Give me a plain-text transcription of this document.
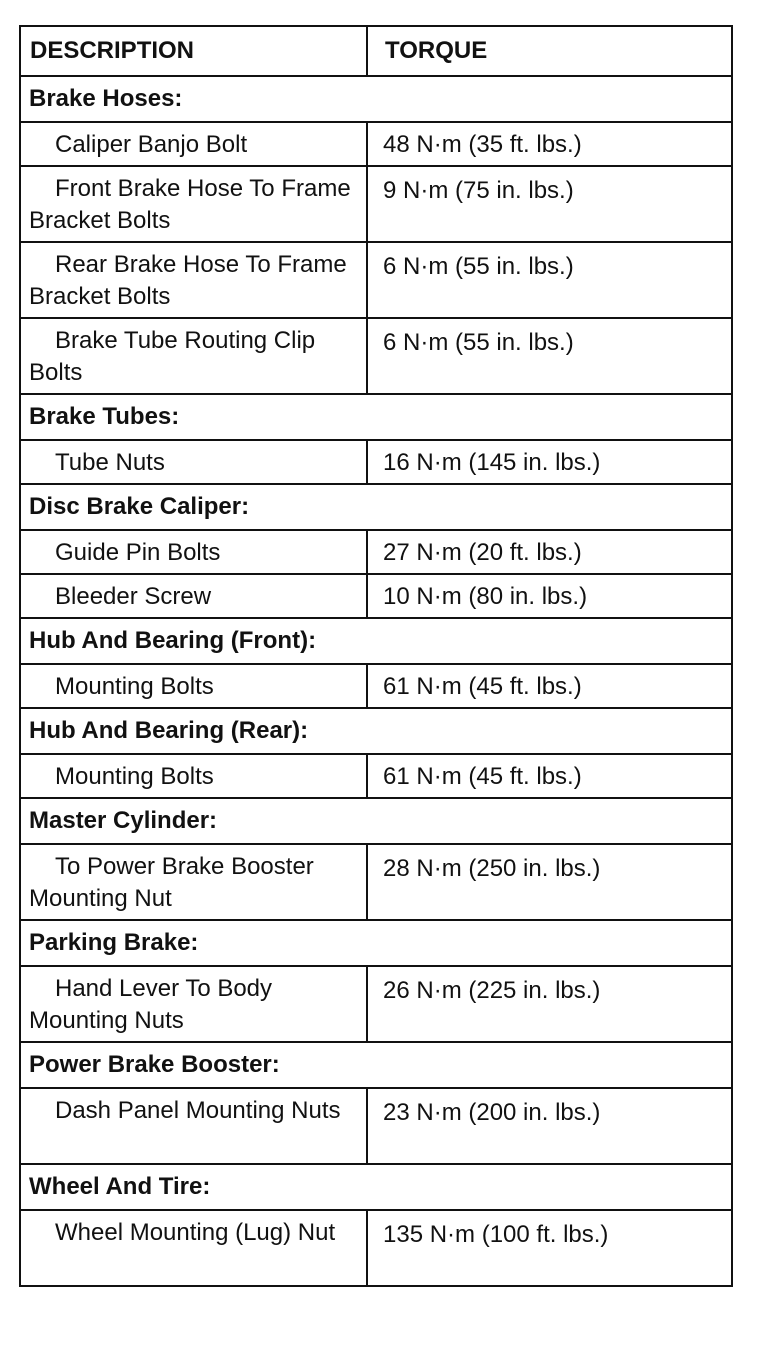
DESCRIPTION	TORQUE
Brake Hoses:	
Caliper Banjo Bolt	48 N·m (35 ft. lbs.)
Front Brake Hose To Frame Bracket Bolts	9 N·m (75 in. lbs.)
Rear Brake Hose To Frame Bracket Bolts	6 N·m (55 in. lbs.)
Brake Tube Routing Clip Bolts	6 N·m (55 in. lbs.)
Brake Tubes:	
Tube Nuts	16 N·m (145 in. lbs.)
Disc Brake Caliper:	
Guide Pin Bolts	27 N·m (20 ft. lbs.)
Bleeder Screw	10 N·m (80 in. lbs.)
Hub And Bearing (Front):	
Mounting Bolts	61 N·m (45 ft. lbs.)
Hub And Bearing (Rear):	
Mounting Bolts	61 N·m (45 ft. lbs.)
Master Cylinder:	
To Power Brake Booster Mounting Nut	28 N·m (250 in. lbs.)
Parking Brake:	
Hand Lever To Body Mounting Nuts	26 N·m (225 in. lbs.)
Power Brake Booster:	
Dash Panel Mounting Nuts	23 N·m (200 in. lbs.)
Wheel And Tire:	
Wheel Mounting (Lug) Nut	135 N·m (100 ft. lbs.)
